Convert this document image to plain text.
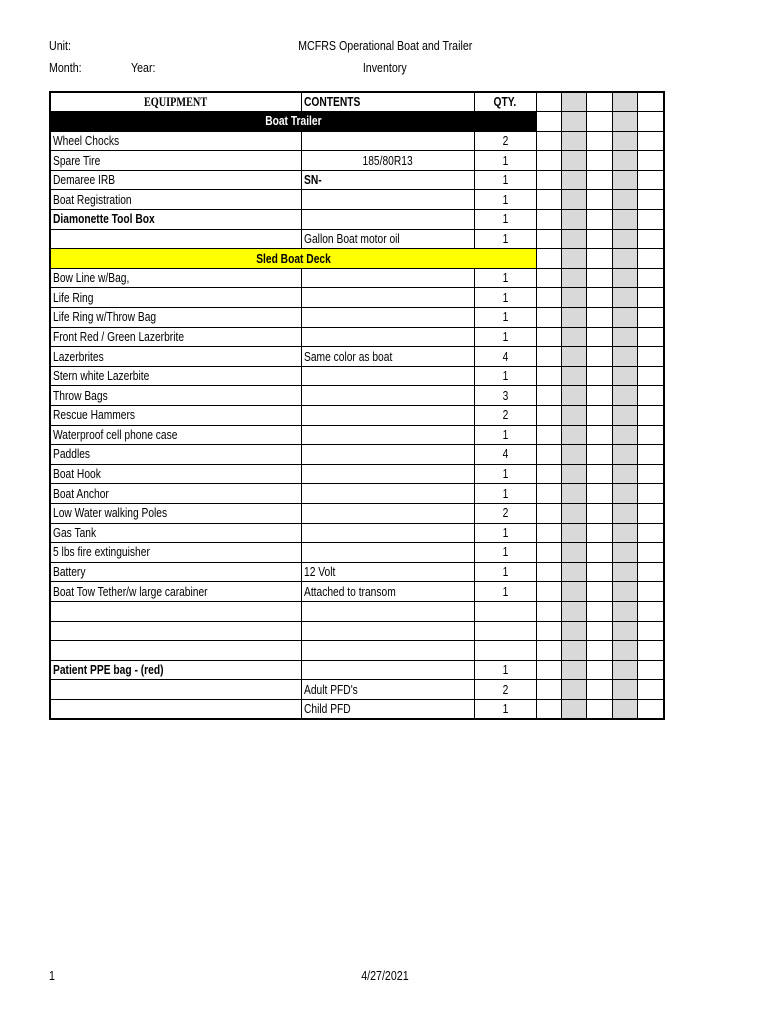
Unit:
Month:	Year:
MCFRS Operational Boat and Trailer
Inventory
EQUIPMENT	CONTENTS	QTY.					
Boat Trailer							
Wheel Chocks		2					
Spare Tire	185/80R13	1					
Demaree IRB	SN-	1					
Boat Registration		1					
Diamonette Tool Box		1					
	Gallon Boat motor oil	1					
Sled Boat Deck							
Bow Line w/Bag,		1					
Life Ring		1					
Life Ring w/Throw Bag		1					
Front Red / Green Lazerbrite		1					
Lazerbrites	Same color as boat	4					
Stern white Lazerbite		1					
Throw Bags		3					
Rescue Hammers		2					
Waterproof cell phone case		1					
Paddles		4					
Boat Hook		1					
Boat Anchor		1					
Low Water walking Poles		2					
Gas Tank		1					
5 lbs fire extinguisher		1					
Battery	12 Volt	1					
Boat Tow Tether/w large carabiner	Attached to transom	1					

Patient PPE bag - (red)		1					
	Adult PFD's	2					
	Child PFD	1					
1	4/27/2021
